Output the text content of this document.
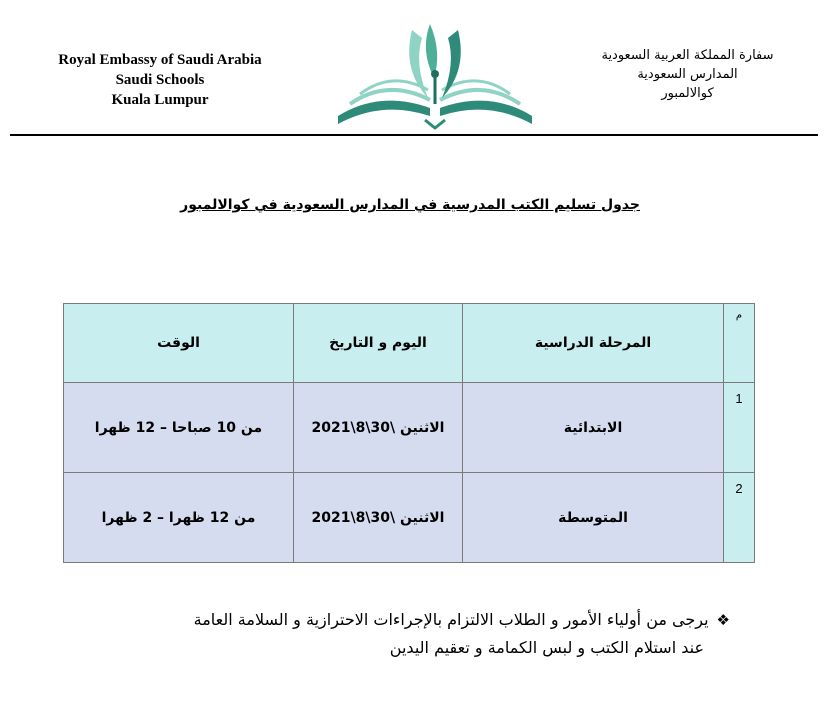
Royal Embassy of Saudi Arabia
Saudi Schools
Kuala Lumpur
سفارة المملكة العربية السعودية
المدارس السعودية
كوالالمبور
جدول تسليم الكتب المدرسية في المدارس السعودية في كوالالمبور
م	المرحلة الدراسية	اليوم و التاريخ	الوقت
1	الابتدائية	الاثنين \30\8\2021	من 10 صباحا – 12 ظهرا
2	المتوسطة	الاثنين \30\8\2021	من 12 ظهرا – 2 ظهرا
❖يرجى من أولياء الأمور و الطلاب الالتزام بالإجراءات الاحترازية و السلامة العامة
عند استلام الكتب و لبس الكمامة و تعقيم اليدين
